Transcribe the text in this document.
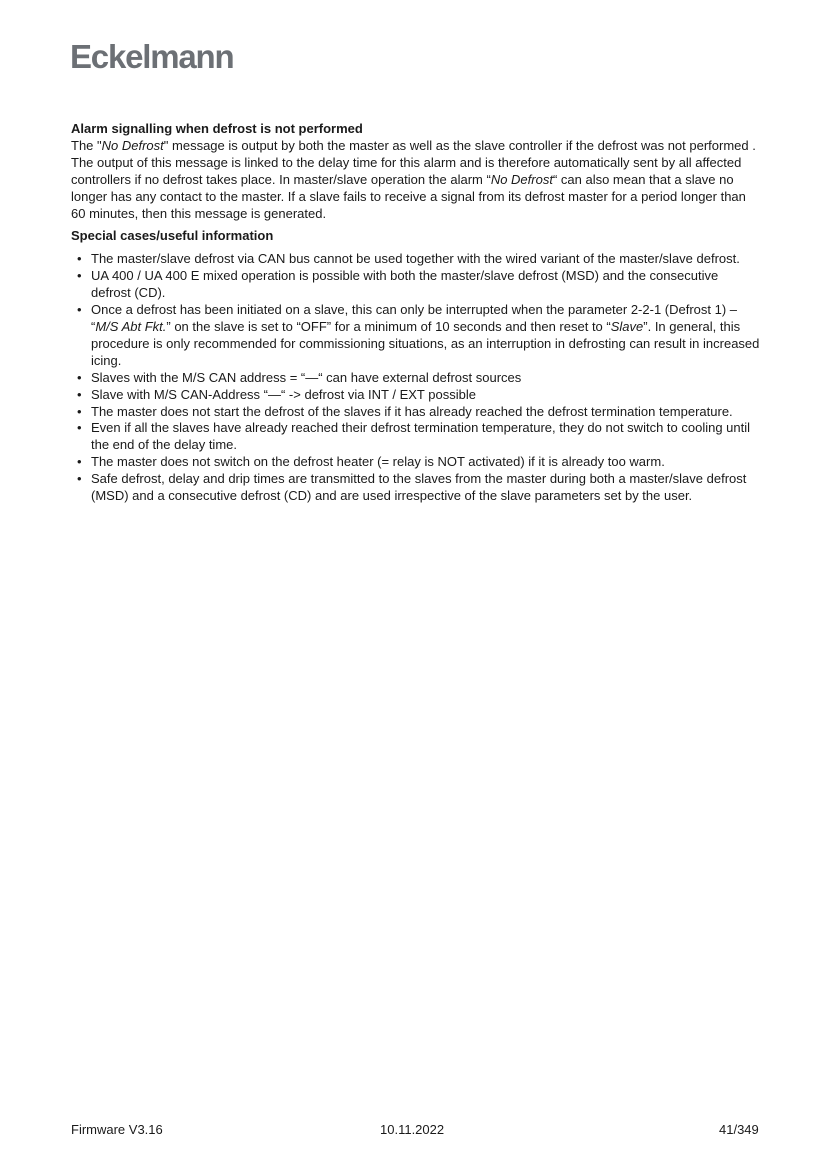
Eckelmann

Alarm signalling when defrost is not performed

The "No Defrost" message is output by both the master as well as the slave controller if the defrost was not performed . The output of this message is linked to the delay time for this alarm and is therefore automatically sent by all affected controllers if no defrost takes place. In master/slave operation the alarm “No Defrost“ can also mean that a slave no longer has any contact to the master. If a slave fails to receive a signal from its defrost master for a period longer than 60 minutes, then this message is generated.

Special cases/useful information

• The master/slave defrost via CAN bus cannot be used together with the wired variant of the master/slave defrost.
• UA 400 / UA 400 E mixed operation is possible with both the master/slave defrost (MSD) and the consecutive defrost (CD).
• Once a defrost has been initiated on a slave, this can only be interrupted when the parameter 2-2-1 (Defrost 1) – “M/S Abt Fkt.” on the slave is set to “OFF” for a minimum of 10 seconds and then reset to “Slave”. In general, this procedure is only recommended for commissioning situations, as an interruption in defrosting can result in increased icing.
• Slaves with the M/S CAN address = “—“ can have external defrost sources
• Slave with M/S CAN-Address “—“ -> defrost via INT / EXT possible
• The master does not start the defrost of the slaves if it has already reached the defrost termination temperature.
• Even if all the slaves have already reached their defrost termination temperature, they do not switch to cooling until the end of the delay time.
• The master does not switch on the defrost heater (= relay is NOT activated) if it is already too warm.
• Safe defrost, delay and drip times are transmitted to the slaves from the master during both a master/slave defrost (MSD) and a consecutive defrost (CD) and are used irrespective of the slave parameters set by the user.
Firmware V3.16	10.11.2022	41/349
